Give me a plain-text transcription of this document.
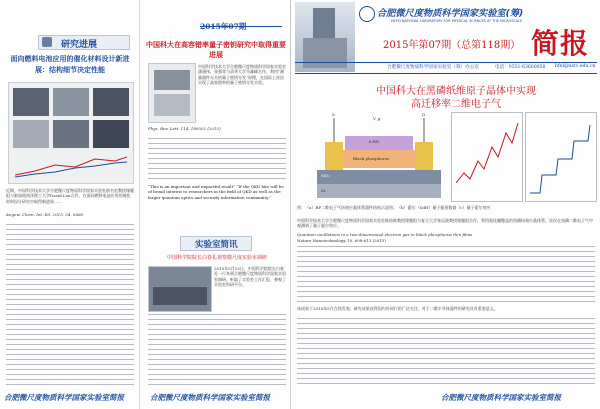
研究进展
面向燃料电池应用的催化材料设计新进展：结构细节决定性能
近期，中国科学技术大学合肥微尺度物质科学国家实验室俞书宏教授课题组与新加坡南洋理工大学David Lou合作，在面向燃料电池应用的催化材料设计研究中取得新进展……
Angew. Chem. Int. Ed. 2015, 54, 5666
合肥微尺度物质科学国家实验室简报
2015年07期
中国科大在高容错率量子密钥研究中取得重要进展
中国科学技术大学合肥微尺度物质科学国家实验室潘建伟、张强等与清华大学马雄峰合作，利用“测量器件无关的量子密钥分发”原理，在国际上首次实现了高容错率的量子密钥分发实验。
Phys. Rev. Lett. 114, 180502 (2015)
“This is an important and impactful result” “If the QKD bits will be of broad interest to researchers in the field of QKD as well as the larger quantum optics and security information community.”
实验室简讯
中国科学院院长白春礼视察微尺度实验室调研
2015年5月13日，中国科学院院长白春礼一行来到合肥微尺度物质科学国家实验室调研，听取了实验室工作汇报，参观了实验室科研平台。
合肥微尺度物质科学国家实验室简报
合肥微尺度物质科学国家实验室(筹)
HEFEI NATIONAL LABORATORY FOR PHYSICAL SCIENCES AT THE MICROSCALE
2015年第07期（总第118期） 简报
合肥微尺度物质科学国家实验室（筹）办公室	电话：0551-63600058 hfnl@ustc.edu.cn
中国科大在黑磷纸维原子晶体中实现
高迁移率二维电子气
h-BN
Black phosphorus
SiO₂
Si
S	D
V_g
图：（a）BP二维电子气场效应晶体管器件结构示意图；（b）霍尔（SdH）量子振荡数据（c）量子霍尔效应
中国科学技术大学合肥微尺度物质科学国家实验室陈仙辉教授课题组与复旦大学张远波教授课题组合作，利用氮化硼覆盖的黑磷场效应晶体管，首次在黑磷二维电子气中观测到了量子霍尔效应。
Quantum oscillations in a two-dimensional electron gas in black phosphorus thin films
Nature Nanotechnology 10, 608-613 (2015)
该成果于2015年5月在线发表，研究成果获得国内外同行的广泛关注，对于二维半导体器件的研究具有重要意义。
合肥微尺度物质科学国家实验室简报
